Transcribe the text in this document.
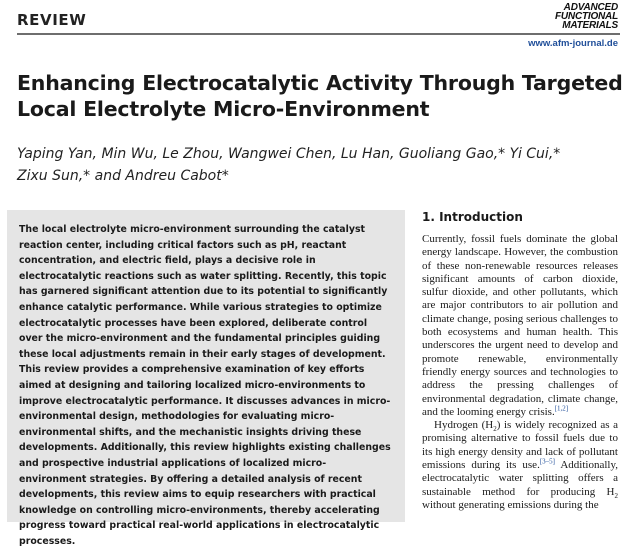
REVIEW
ADVANCED
FUNCTIONAL
MATERIALS
www.afm-journal.de
Enhancing Electrocatalytic Activity Through Targeted Local Electrolyte Micro-Environment
Yaping Yan, Min Wu, Le Zhou, Wangwei Chen, Lu Han, Guoliang Gao,* Yi Cui,*
Zixu Sun,* and Andreu Cabot*

The local electrolyte micro-environment surrounding the catalyst reaction center, including critical factors such as pH, reactant concentration, and electric field, plays a decisive role in electrocatalytic reactions such as water splitting. Recently, this topic has garnered significant attention due to its potential to significantly enhance catalytic performance. While various strategies to optimize electrocatalytic processes have been explored, deliberate control over the micro-environment and the fundamental principles guiding these local adjustments remain in their early stages of development. This review provides a comprehensive examination of key efforts aimed at designing and tailoring localized micro-environments to improve electrocatalytic performance. It discusses advances in micro-environmental design, methodologies for evaluating micro-environmental shifts, and the mechanistic insights driving these developments. Additionally, this review highlights existing challenges and prospective industrial applications of localized micro-environment strategies. By offering a detailed analysis of recent developments, this review aims to equip researchers with practical knowledge on controlling micro-environments, thereby accelerating progress toward practical real-world applications in electrocatalytic processes.

1. Introduction

Currently, fossil fuels dominate the global energy landscape. However, the combustion of these non-renewable resources releases significant amounts of carbon dioxide, sulfur dioxide, and other pollutants, which are major contributors to air pollution and climate change, posing serious challenges to both ecosystems and human health. This underscores the urgent need to develop and promote renewable, environmentally friendly energy sources and technologies to address the pressing challenges of environmental degradation, climate change, and the looming energy crisis.[1,2]

Hydrogen $(H_2)$ is widely recognized as a promising alternative to fossil fuels due to its high energy density and lack of pollutant emissions during its use.[3–5] Additionally, electrocatalytic water splitting offers a sustainable method for producing $H_2$ without generating emissions during the
